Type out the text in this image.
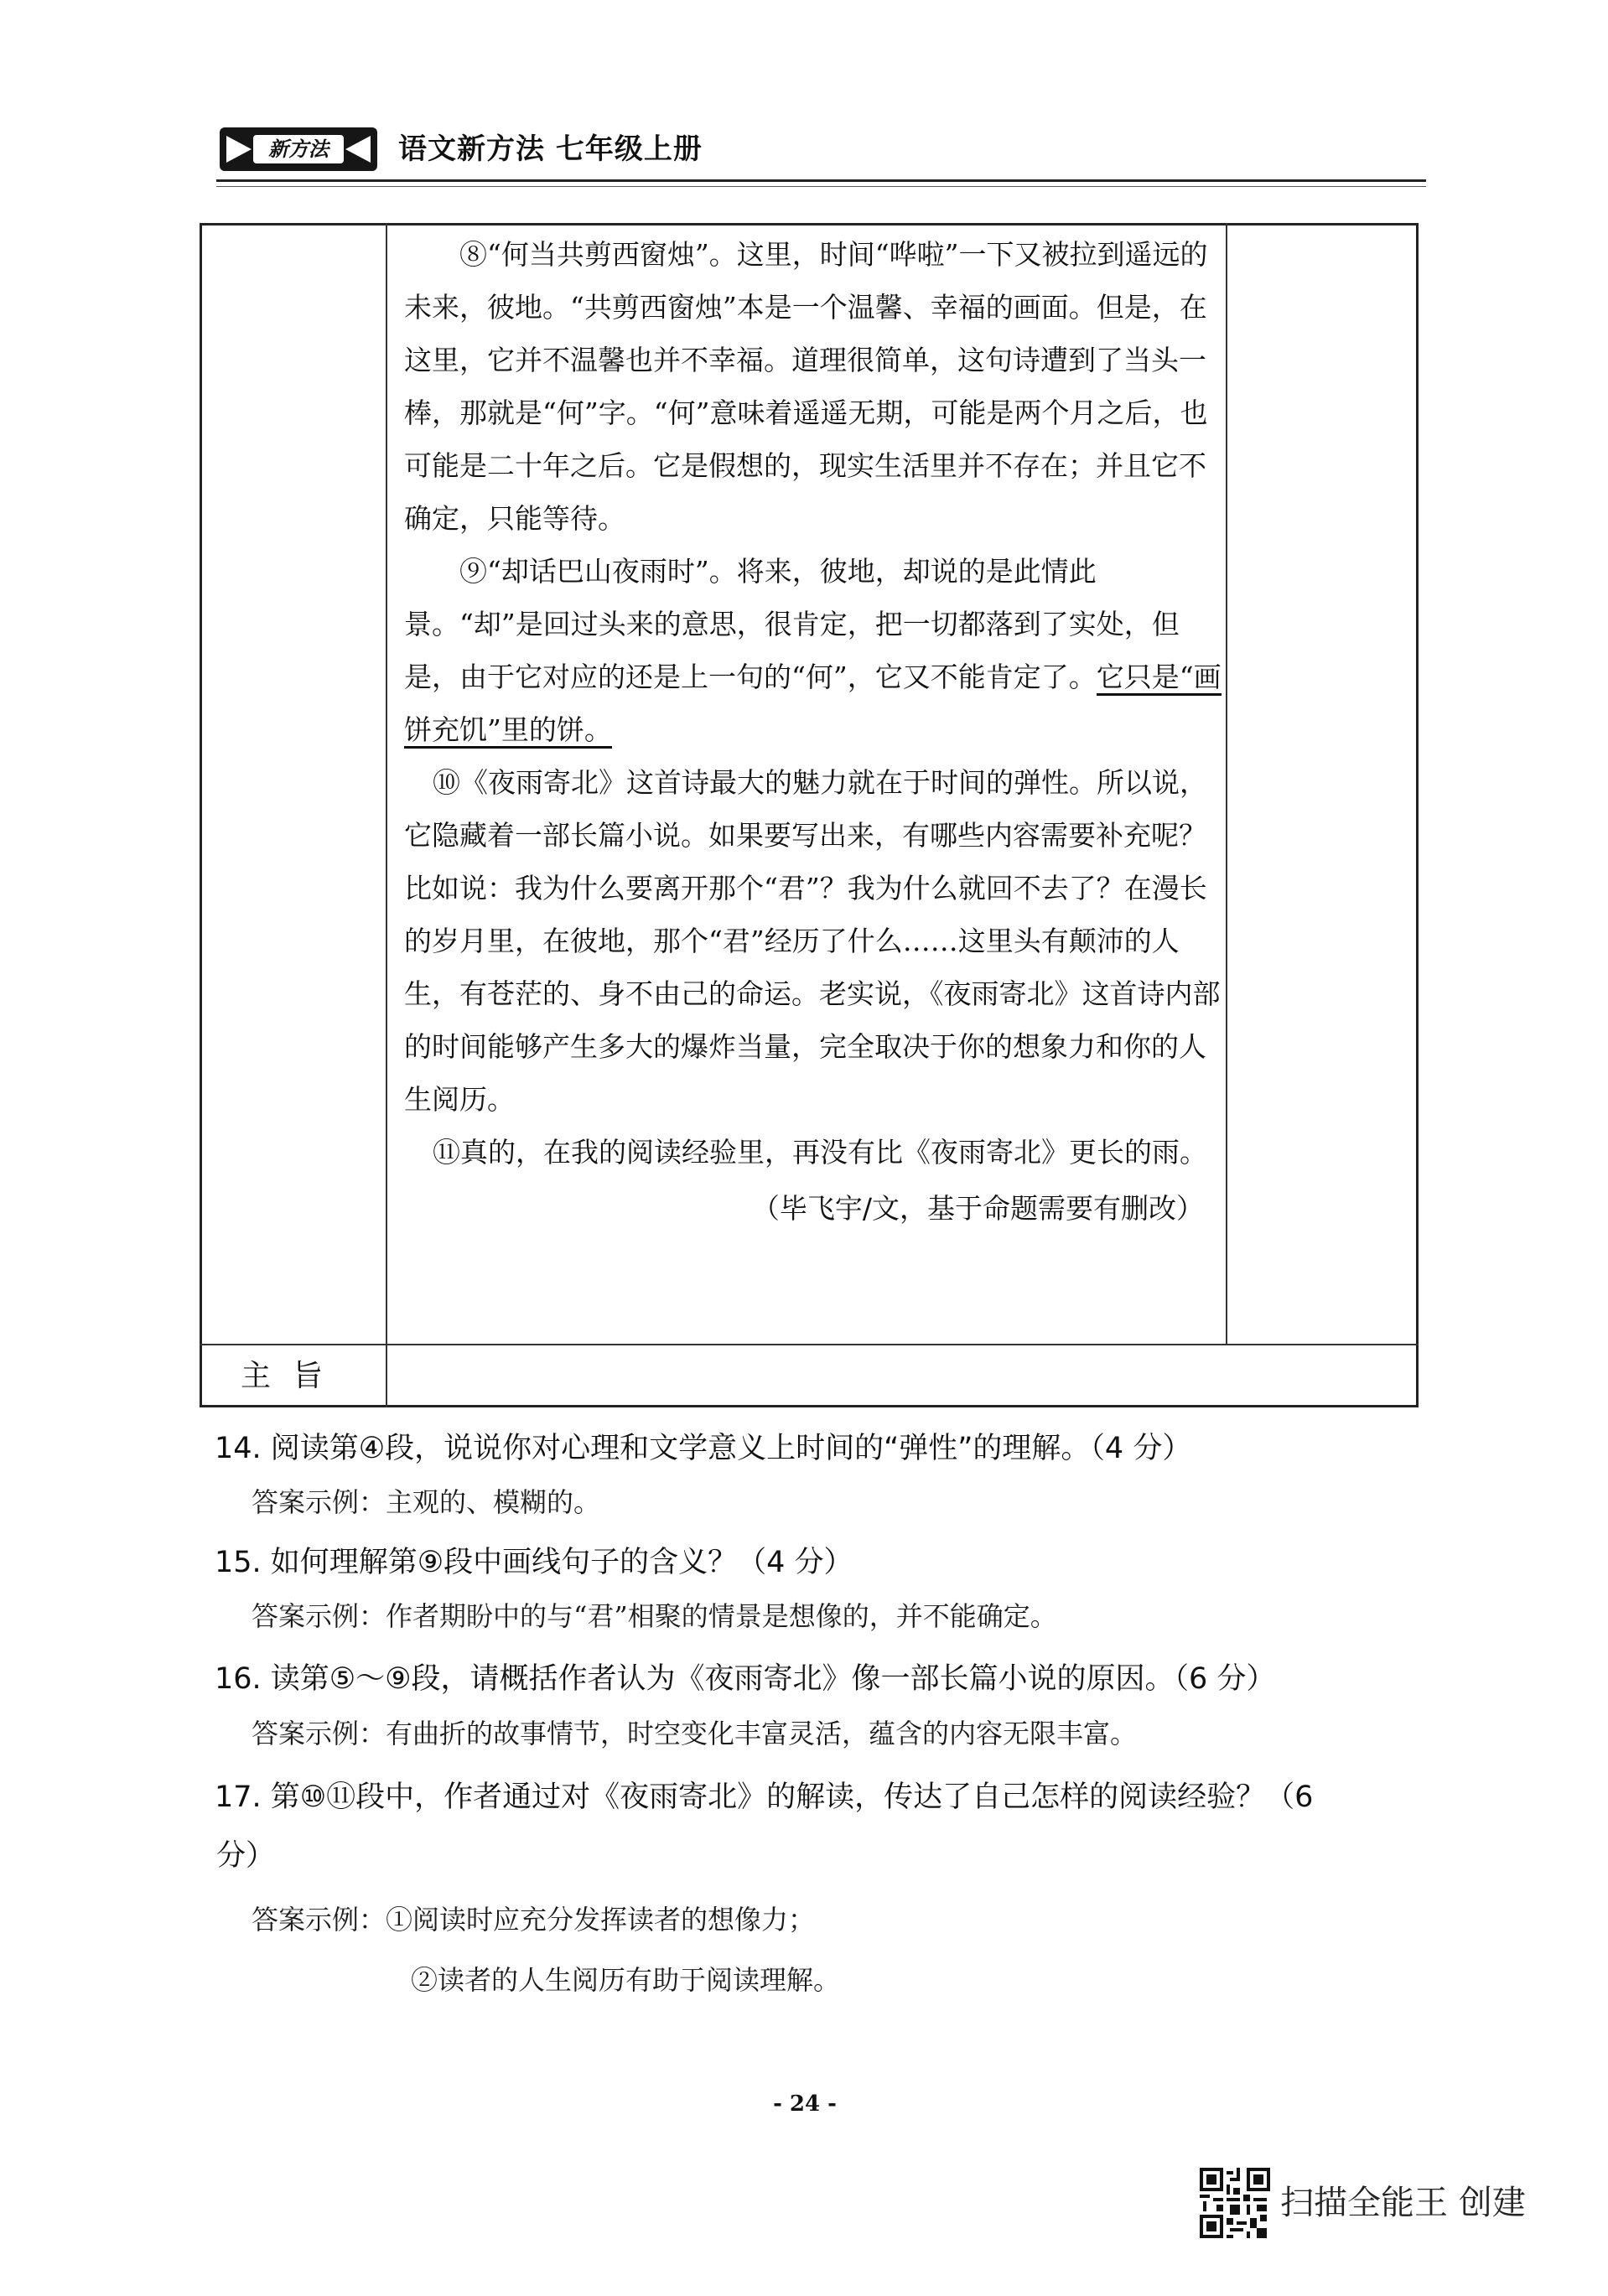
新方法	语文新方法 七年级上册

⑧“何当共剪西窗烛”。这里，时间“哗啦”一下又被拉到遥远的未来，彼地。“共剪西窗烛”本是一个温馨、幸福的画面。但是，在这里，它并不温馨也并不幸福。道理很简单，这句诗遭到了当头一棒，那就是“何”字。“何”意味着遥遥无期，可能是两个月之后，也可能是二十年之后。它是假想的，现实生活里并不存在；并且它不确定，只能等待。

⑨“却话巴山夜雨时”。将来，彼地，却说的是此情此景。“却”是回过头来的意思，很肯定，把一切都落到了实处，但是，由于它对应的还是上一句的“何”，它又不能肯定了。它只是“画饼充饥”里的饼。

⑩《夜雨寄北》这首诗最大的魅力就在于时间的弹性。所以说，它隐藏着一部长篇小说。如果要写出来，有哪些内容需要补充呢？比如说：我为什么要离开那个“君”？我为什么就回不去了？在漫长的岁月里，在彼地，那个“君”经历了什么……这里头有颠沛的人生，有苍茫的、身不由己的命运。老实说，《夜雨寄北》这首诗内部的时间能够产生多大的爆炸当量，完全取决于你的想象力和你的人生阅历。

⑪真的，在我的阅读经验里，再没有比《夜雨寄北》更长的雨。

（毕飞宇/文，基于命题需要有删改）

主旨
14. 阅读第④段，说说你对心理和文学意义上时间的“弹性”的理解。（4 分）
答案示例：主观的、模糊的。
15. 如何理解第⑨段中画线句子的含义？（4 分）
答案示例：作者期盼中的与“君”相聚的情景是想像的，并不能确定。
16. 读第⑤～⑨段，请概括作者认为《夜雨寄北》像一部长篇小说的原因。（6 分）
答案示例：有曲折的故事情节，时空变化丰富灵活，蕴含的内容无限丰富。
17. 第⑩⑪段中，作者通过对《夜雨寄北》的解读，传达了自己怎样的阅读经验？（6
分）
答案示例：①阅读时应充分发挥读者的想像力；
②读者的人生阅历有助于阅读理解。
- 24 -
扫描全能王 创建
